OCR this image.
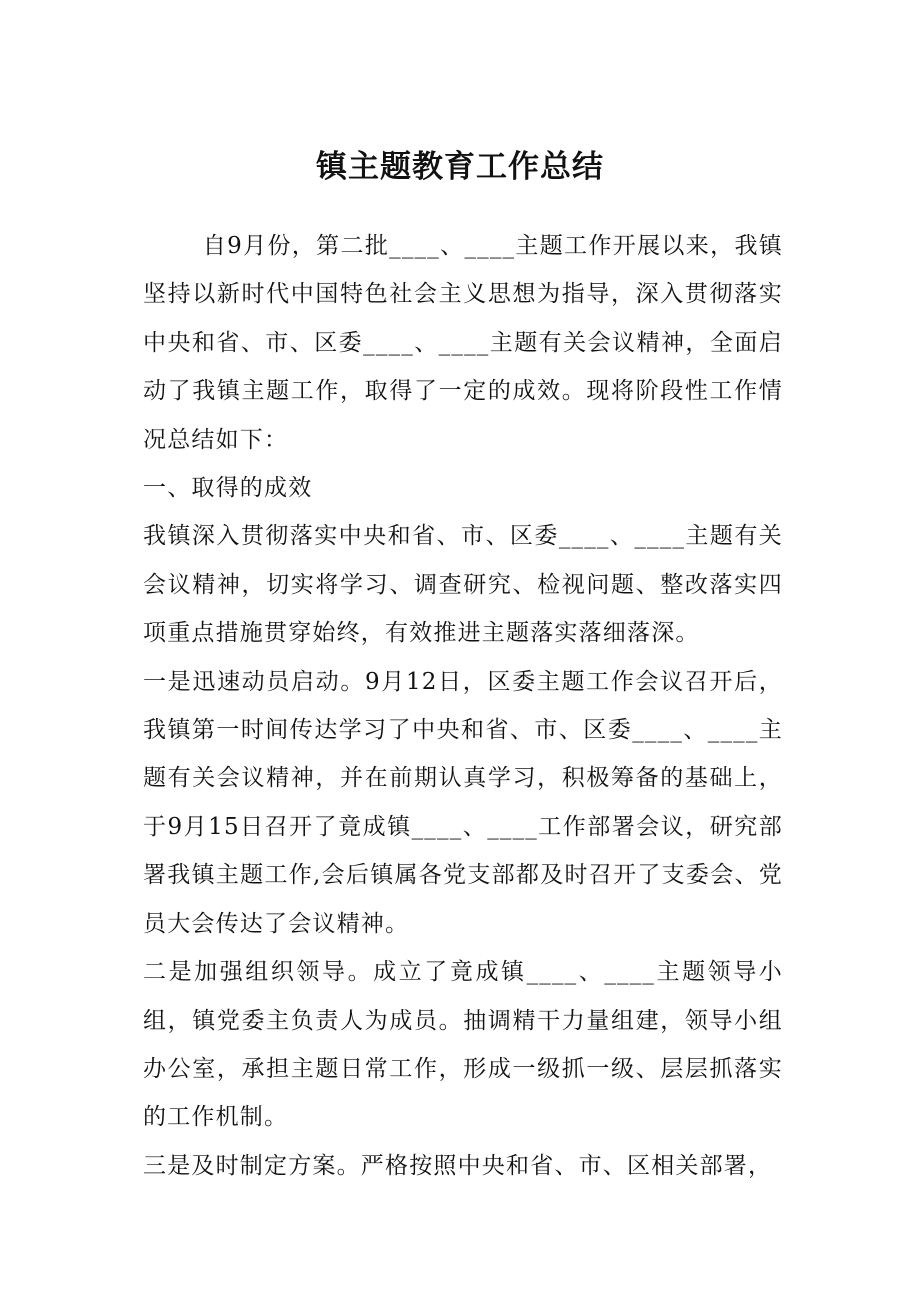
镇主题教育工作总结

自9月份，第二批____、____主题工作开展以来，我镇坚持以新时代中国特色社会主义思想为指导，深入贯彻落实中央和省、市、区委____、____主题有关会议精神，全面启动了我镇主题工作，取得了一定的成效。现将阶段性工作情况总结如下：

一、取得的成效

我镇深入贯彻落实中央和省、市、区委____、____主题有关会议精神，切实将学习、调查研究、检视问题、整改落实四项重点措施贯穿始终，有效推进主题落实落细落深。

一是迅速动员启动。9月12日，区委主题工作会议召开后，我镇第一时间传达学习了中央和省、市、区委____、____主题有关会议精神，并在前期认真学习，积极筹备的基础上，于9月15日召开了竟成镇____、____工作部署会议，研究部署我镇主题工作,会后镇属各党支部都及时召开了支委会、党员大会传达了会议精神。

二是加强组织领导。成立了竟成镇____、____主题领导小组，镇党委主负责人为成员。抽调精干力量组建，领导小组办公室，承担主题日常工作，形成一级抓一级、层层抓落实的工作机制。

三是及时制定方案。严格按照中央和省、市、区相关部署，
